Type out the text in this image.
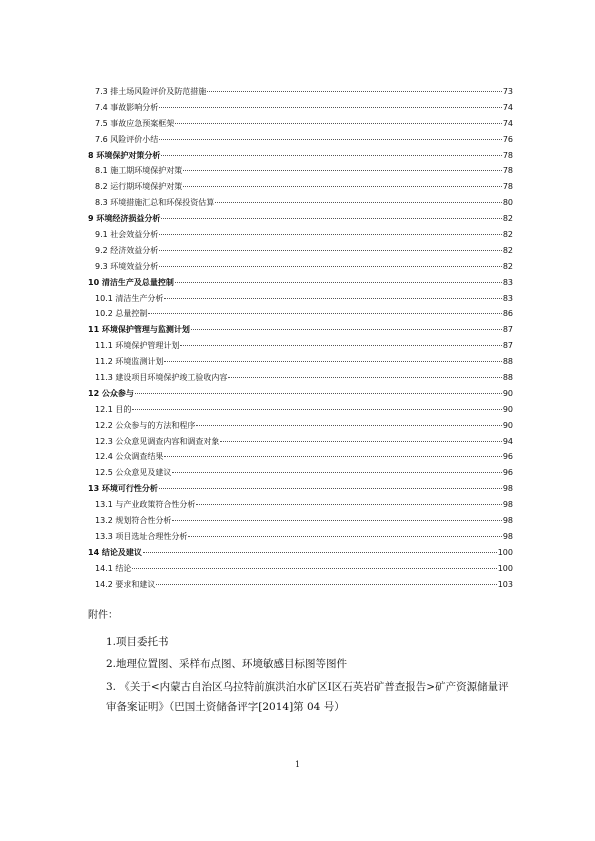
7.3 排土场风险评价及防范措施	73
7.4 事故影响分析	74
7.5 事故应急预案框架	74
7.6 风险评价小结	76
8 环境保护对策分析	78
8.1 施工期环境保护对策	78
8.2 运行期环境保护对策	78
8.3 环境措施汇总和环保投资估算	80
9 环境经济损益分析	82
9.1 社会效益分析	82
9.2 经济效益分析	82
9.3 环境效益分析	82
10 清洁生产及总量控制	83
10.1 清洁生产分析	83
10.2 总量控制	86
11 环境保护管理与监测计划	87
11.1 环境保护管理计划	87
11.2 环境监测计划	88
11.3 建设项目环境保护竣工验收内容	88
12 公众参与	90
12.1 目的	90
12.2 公众参与的方法和程序	90
12.3 公众意见调查内容和调查对象	94
12.4 公众调查结果	96
12.5 公众意见及建议	96
13 环境可行性分析	98
13.1 与产业政策符合性分析	98
13.2 规划符合性分析	98
13.3 项目选址合理性分析	98
14 结论及建议	100
14.1 结论	100
14.2 要求和建议	103
附件：
1.项目委托书
2.地理位置图、采样布点图、环境敏感目标图等图件
3. 《关于<内蒙古自治区乌拉特前旗洪泊水矿区Ⅰ区石英岩矿普查报告>矿产资源储量评审备案证明》（巴国土资储备评字[2014]第 04 号）
1
